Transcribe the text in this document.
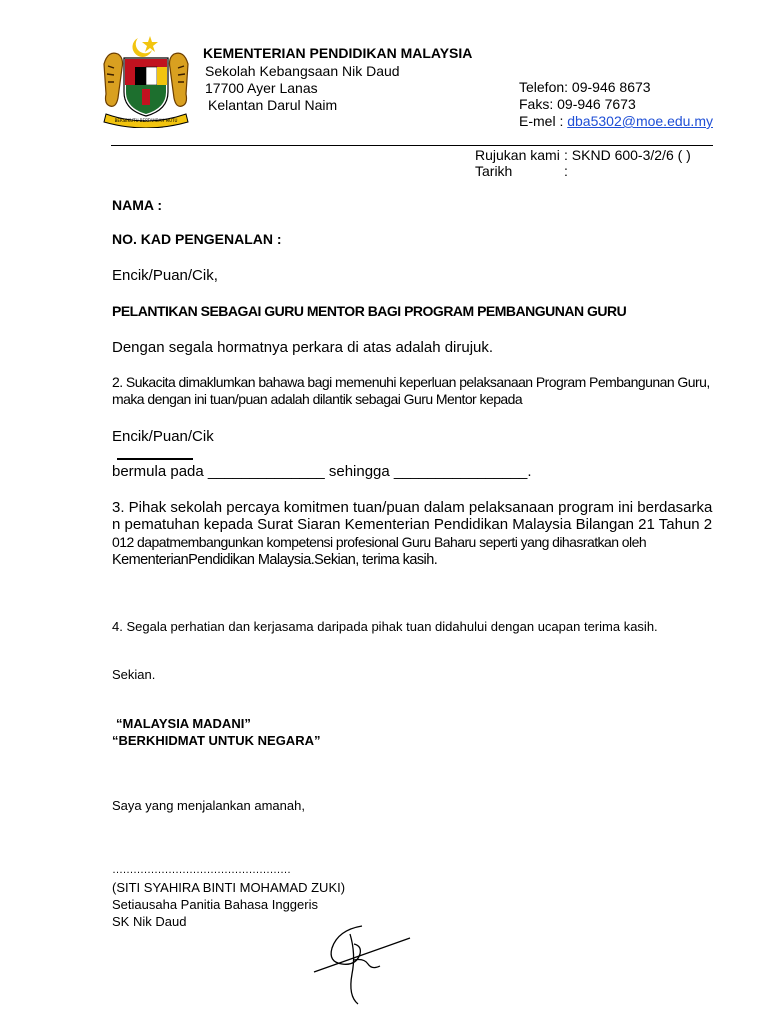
BERSEKUTU BERTAMBAH MUTU
KEMENTERIAN PENDIDIKAN MALAYSIA
Sekolah Kebangsaan Nik Daud
17700 Ayer Lanas
Kelantan Darul Naim
Telefon: 09-946 8673
Faks: 09-946 7673
E-mel : dba5302@moe.edu.my
Rujukan kami : SKND 600-3/2/6 ( )
Tarikh	:
NAMA :
NO. KAD PENGENALAN :
Encik/Puan/Cik,
PELANTIKAN SEBAGAI GURU MENTOR BAGI PROGRAM PEMBANGUNAN GURU
Dengan segala hormatnya perkara di atas adalah dirujuk.
2. Sukacita dimaklumkan bahawa bagi memenuhi keperluan pelaksanaan Program Pembangunan Guru, maka dengan ini tuan/puan adalah dilantik sebagai Guru Mentor kepada
Encik/Puan/Cik
bermula pada ______________ sehingga ________________.
3. Pihak sekolah percaya komitmen tuan/puan dalam pelaksanaan program ini berdasarka
n pematuhan kepada Surat Siaran Kementerian Pendidikan Malaysia Bilangan 21 Tahun 2
012 dapatmembangunkan kompetensi profesional Guru Baharu seperti yang dihasratkan oleh
KementerianPendidikan Malaysia.Sekian, terima kasih.
4. Segala perhatian dan kerjasama daripada pihak tuan didahului dengan ucapan terima kasih.
Sekian.
“MALAYSIA MADANI”
“BERKHIDMAT UNTUK NEGARA”
Saya yang menjalankan amanah,
……………………………………………
(SITI SYAHIRA BINTI MOHAMAD ZUKI)
Setiausaha Panitia Bahasa Inggeris
SK Nik Daud
